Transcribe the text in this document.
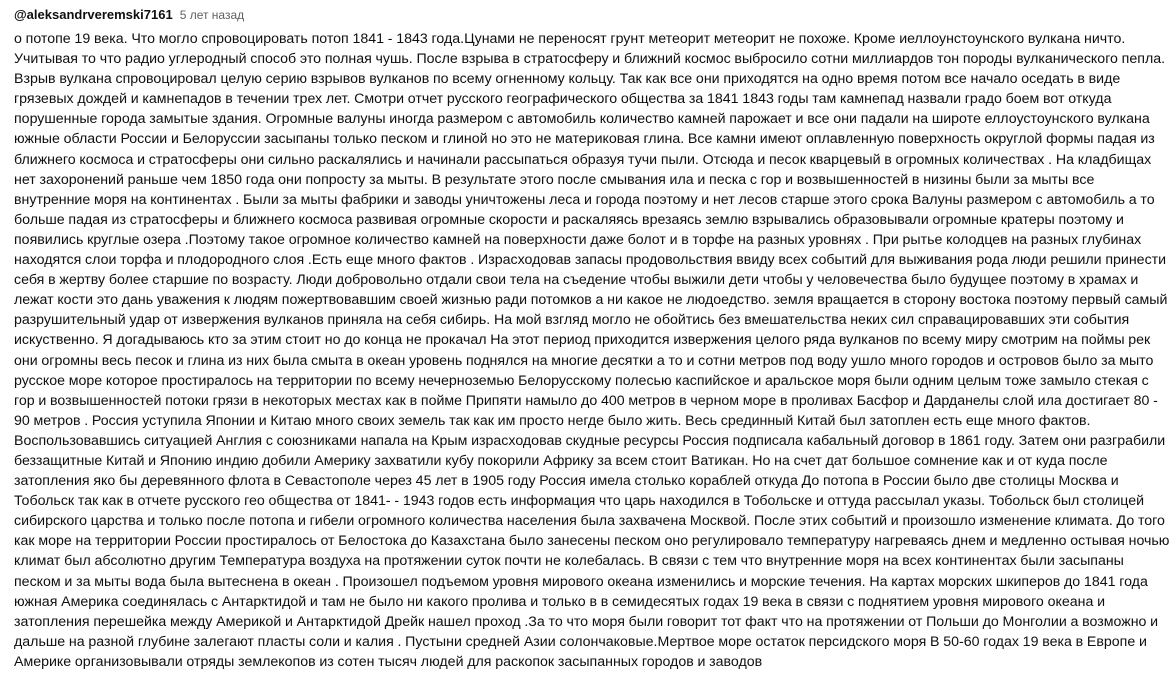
@aleksandrveremski7161 5 лет назад

о потопе 19 века. Что могло спровоцировать потоп 1841 - 1843 года.Цунами не переносят грунт метеорит метеорит не похоже. Кроме иеллоунстоунского вулкана ничто. Учитывая то что радио углеродный способ это полная чушь. После взрыва в стратосферу и ближний космос выбросило сотни миллиардов тон породы вулканического пепла. Взрыв вулкана спровоцировал целую серию взрывов вулканов по всему огненному кольцу. Так как все они приходятся на одно время потом все начало оседать в виде грязевых дождей и камнепадов в течении трех лет. Смотри отчет русского географического общества за 1841 1843 годы там камнепад назвали градо боем вот откуда порушенные города замытые здания. Огромные валуны иногда размером с автомобиль количество камней парожает и все они падали на широте еллоустоунского вулкана южные области России и Белоруссии засыпаны только песком и глиной но это не материковая глина. Все камни имеют оплавленную поверхность округлой формы падая из ближнего космоса и стратосферы они сильно раскалялись и начинали рассыпаться образуя тучи пыли. Отсюда и песок кварцевый в огромных количествах . На кладбищах нет захоронений раньше чем 1850 года они попросту за мыты. В результате этого после смывания ила и песка с гор и возвышенностей в низины были за мыты все внутренние моря на континентах . Были за мыты фабрики и заводы уничтожены леса и города поэтому и нет лесов старше этого срока Валуны размером с автомобиль а то больше падая из стратосферы и ближнего космоса развивая огромные скорости и раскаляясь врезаясь землю взрывались образовывали огромные кратеры поэтому и появились круглые озера .Поэтому такое огромное количество камней на поверхности даже болот и в торфе на разных уровнях . При рытье колодцев на разных глубинах находятся слои торфа и плодородного слоя .Есть еще много фактов . Израсходовав запасы продовольствия ввиду всех событий для выживания рода люди решили принести себя в жертву более старшие по возрасту. Люди добровольно отдали свои тела на съедение чтобы выжили дети чтобы у человечества было будущее поэтому в храмах и лежат кости это дань уважения к людям пожертвовавшим своей жизнью ради потомков а ни какое не людоедство. земля вращается в сторону востока поэтому первый самый разрушительный удар от извержения вулканов приняла на себя сибирь. На мой взгляд могло не обойтись без вмешательства неких сил справацировавших эти события искуственно. Я догадываюсь кто за этим стоит но до конца не прокачал На этот период приходится извержения целого ряда вулканов по всему миру смотрим на поймы рек они огромны весь песок и глина из них была смыта в океан уровень поднялся на многие десятки а то и сотни метров под воду ушло много городов и островов было за мыто русское море которое простиралось на территории по всему нечерноземью Белорусскому полесью каспийское и аральское моря были одним целым тоже замыло стекая с гор и возвышенностей потоки грязи в некоторых местах как в пойме Припяти намыло до 400 метров в черном море в проливах Басфор и Дарданелы слой ила достигает 80 - 90 метров . Россия уступила Японии и Китаю много своих земель так как им просто негде было жить. Весь срединный Китай был затоплен есть еще много фактов. Воспользовавшись ситуацией Англия с союзниками напала на Крым израсходовав скудные ресурсы Россия подписала кабальный договор в 1861 году. Затем они разграбили беззащитные Китай и Японию индию добили Америку захватили кубу покорили Африку за всем стоит Ватикан. Но на счет дат большое сомнение как и от куда после затопления яко бы деревянного флота в Севастополе через 45 лет в 1905 году Россия имела столько кораблей откуда До потопа в России было две столицы Москва и Тобольск так как в отчете русского гео общества от 1841- - 1943 годов есть информация что царь находился в Тобольске и оттуда рассылал указы. Тобольск был столицей сибирского царства и только после потопа и гибели огромного количества населения была захвачена Москвой. После этих событий и произошло изменение климата. До того как море на территории России простиралось от Белостока до Казахстана было занесены песком оно регулировало температуру нагреваясь днем и медленно остывая ночью климат был абсолютно другим Температура воздуха на протяжении суток почти не колебалась. В связи с тем что внутренние моря на всех континентах были засыпаны песком и за мыты вода была вытеснена в океан . Произошел подъемом уровня мирового океана изменились и морские течения. На картах морских шкиперов до 1841 года южная Америка соединялась с Антарктидой и там не было ни какого пролива и только в в семидесятых годах 19 века в связи с поднятием уровня мирового океана и затопления перешейка между Америкой и Антарктидой Дрейк нашел проход .За то что моря были говорит тот факт что на протяжении от Польши до Монголии а возможно и дальше на разной глубине залегают пласты соли и калия . Пустыни средней Азии солончаковые.Мертвое море остаток персидского моря В 50-60 годах 19 века в Европе и Америке организовывали отряды землекопов из сотен тысяч людей для раскопок засыпанных городов и заводов
